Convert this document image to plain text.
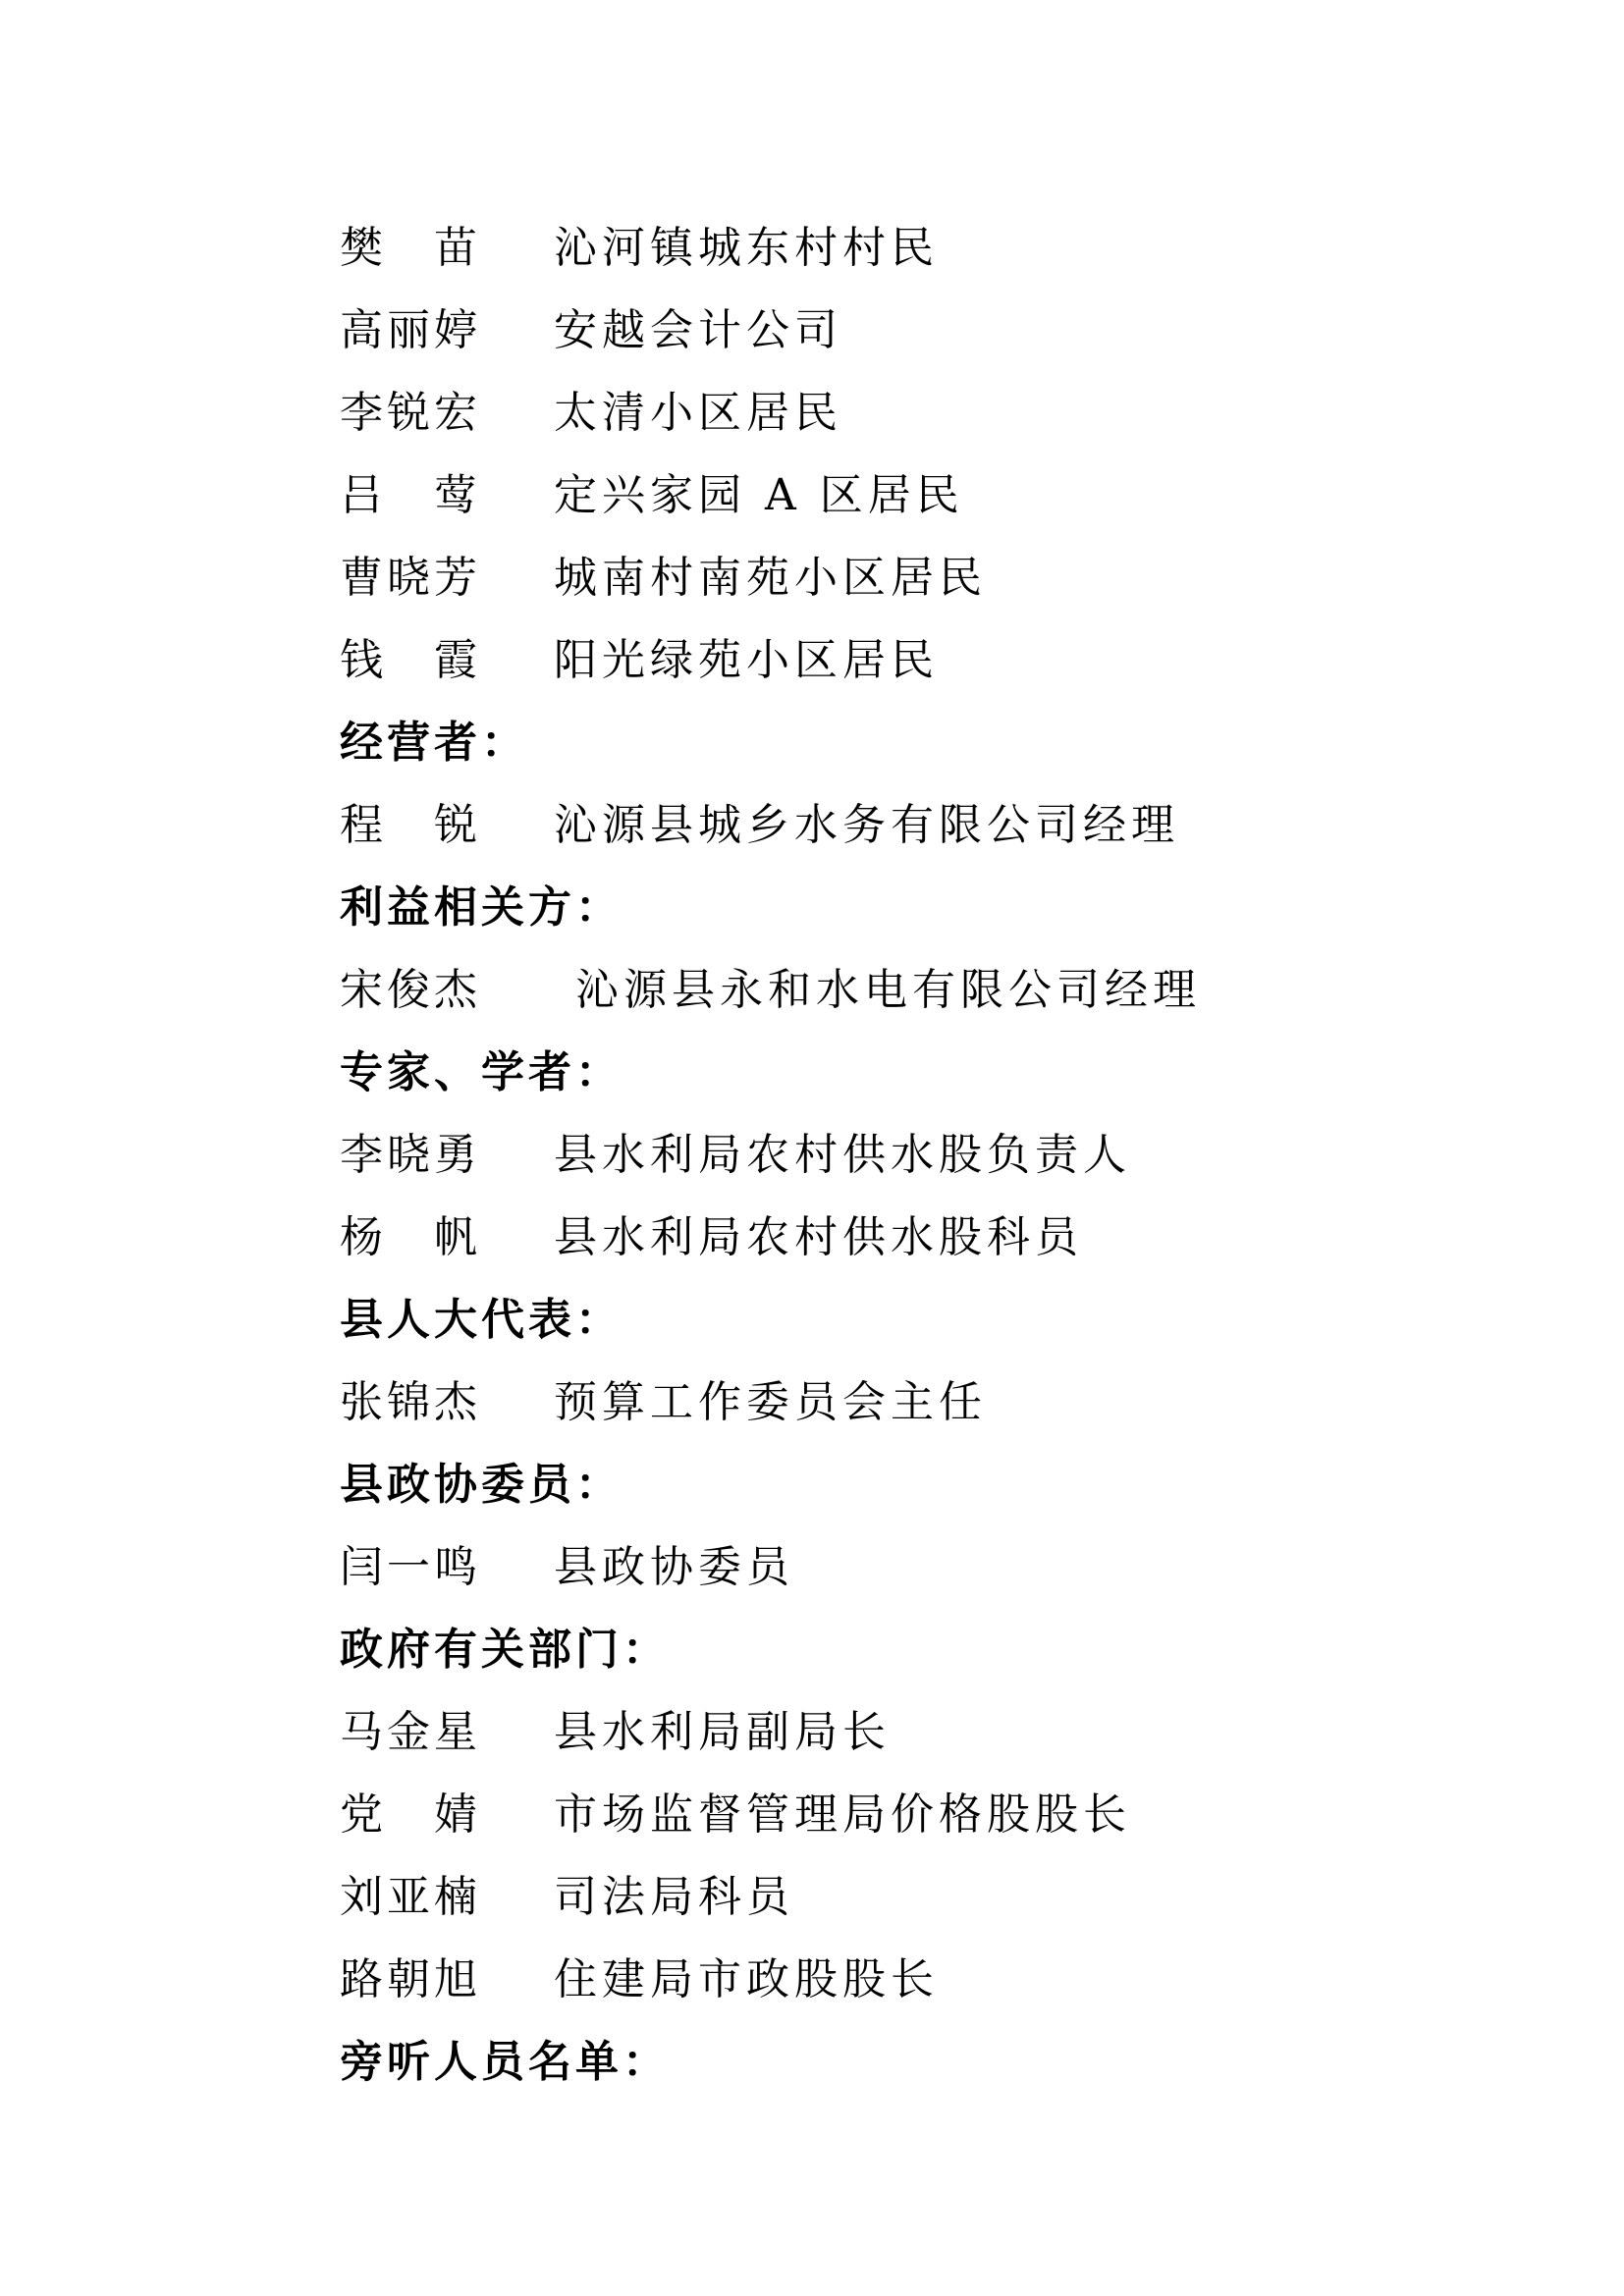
樊　苗 沁河镇城东村村民
高丽婷 安越会计公司
李锐宏 太清小区居民
吕　莺 定兴家园 A 区居民
曹晓芳 城南村南苑小区居民
钱　霞 阳光绿苑小区居民
经营者：
程　锐 沁源县城乡水务有限公司经理
利益相关方：
宋俊杰 沁源县永和水电有限公司经理
专家、学者：
李晓勇 县水利局农村供水股负责人
杨　帆 县水利局农村供水股科员
县人大代表：
张锦杰 预算工作委员会主任
县政协委员：
闫一鸣 县政协委员
政府有关部门：
马金星 县水利局副局长
党　婧 市场监督管理局价格股股长
刘亚楠 司法局科员
路朝旭 住建局市政股股长
旁听人员名单：
